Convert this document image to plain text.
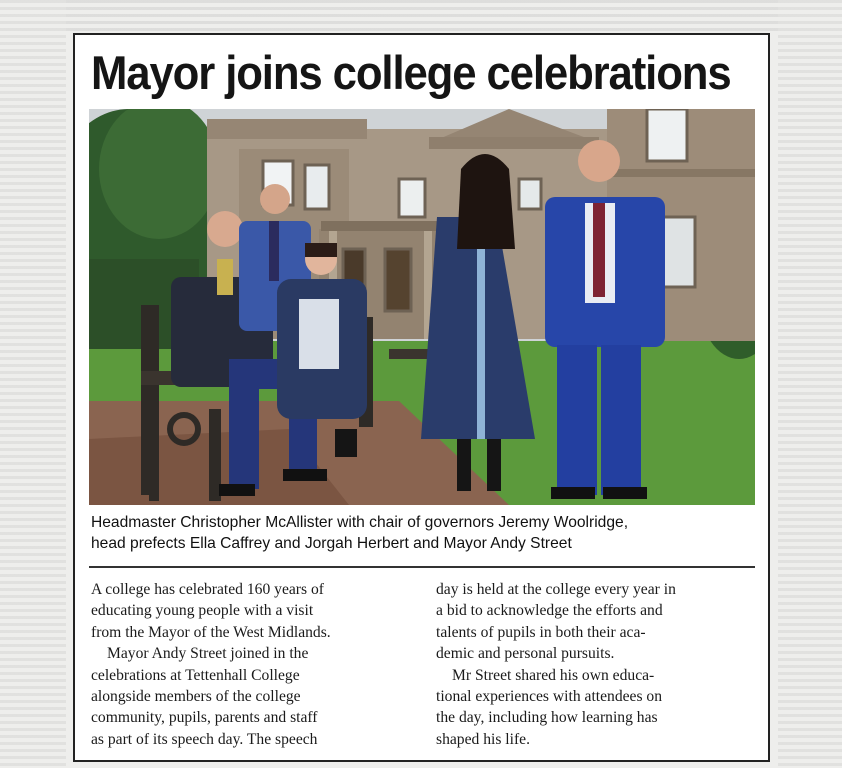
Mayor joins college celebrations
Headmaster Christopher McAllister with chair of governors Jeremy Woolridge,
head prefects Ella Caffrey and Jorgah Herbert and Mayor Andy Street
A college has celebrated 160 years of
educating young people with a visit
from the Mayor of the West Midlands.
Mayor Andy Street joined in the
celebrations at Tettenhall College
alongside members of the college
community, pupils, parents and staff
as part of its speech day. The speech
day is held at the college every year in
a bid to acknowledge the efforts and
talents of pupils in both their aca-
demic and personal pursuits.
Mr Street shared his own educa-
tional experiences with attendees on
the day, including how learning has
shaped his life.
